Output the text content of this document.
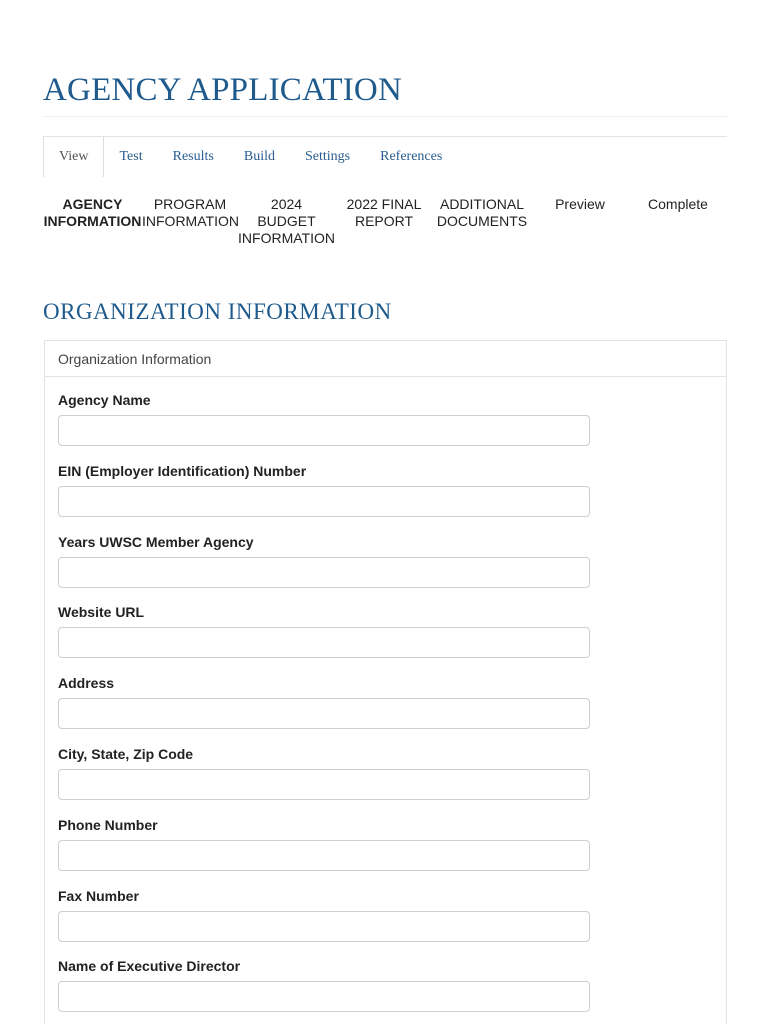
AGENCY APPLICATION
View	Test	Results	Build	Settings	References
AGENCY
INFORMATION
PROGRAM
INFORMATION
2024
BUDGET
INFORMATION
2022 FINAL
REPORT
ADDITIONAL
DOCUMENTS
Preview	Complete
ORGANIZATION INFORMATION
Organization Information
Agency Name
EIN (Employer Identification) Number
Years UWSC Member Agency
Website URL
Address
City, State, Zip Code
Phone Number
Fax Number
Name of Executive Director
